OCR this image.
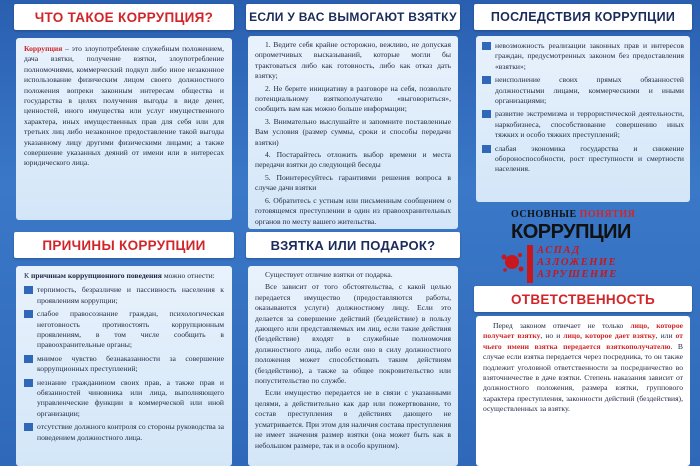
ЧТО ТАКОЕ КОРРУПЦИЯ?

Коррупция – это злоупотребление служебным положением, дача взятки, получение взятки, злоупотребление полномочиями, коммерческий подкуп либо иное незаконное использование физическим лицом своего должностного положения вопреки законным интересам общества и государства в целях получения выгоды в виде денег, ценностей, иного имущества или услуг имущественного характера, иных имущественных прав для себя или для третьих лиц либо незаконное предоставление такой выгоды указанному лицу другими физическими лицами; а также совершение указанных деяний от имени или в интересах юридического лица.

ПРИЧИНЫ КОРРУПЦИИ

К причинам коррупционного поведения можно отнести:

терпимость, безразличие и пассивность населения к проявлениям коррупции;
слабое правосознание граждан, психологическая неготовность противостоять коррупционным проявлениям, в том числе сообщить в правоохранительные органы;
мнимое чувство безнаказанности за совершение коррупционных преступлений;
незнание гражданином своих прав, а также прав и обязанностей чиновника или лица, выполняющего управленческие функции в коммерческой или иной организации;
отсутствие должного контроля со стороны руководства за поведением должностного лица.
ЕСЛИ У ВАС ВЫМОГАЮТ ВЗЯТКУ

1. Ведите себя крайне осторожно, вежливо, не допуская опрометчивых высказываний, которые могли бы трактоваться либо как готовность, либо как отказ дать взятку;

2. Не берите инициативу в разговоре на себя, позвольте потенциальному взяткополучателю «выговориться», сообщить вам как можно больше информации;

3. Внимательно выслушайте и запомните поставленные Вам условия (размер суммы, сроки и способы передачи взятки)

4. Постарайтесь отложить выбор времени и места передачи взятки до следующей беседы

5. Поинтересуйтесь гарантиями решения вопроса в случае дачи взятки

6. Обратитесь с устным или письменным сообщением о готовящемся преступлении в один из правоохранительных органов по месту вашего жительства.

ВЗЯТКА ИЛИ ПОДАРОК?

Существует отличие взятки от подарка.

Все зависит от того обстоятельства, с какой целью передается имущество (предоставляются работы, оказываются услуги) должностному лицу. Если это делается за совершение действий (бездействие) в пользу дающего или представляемых им лиц, если такие действия (бездействие) входят в служебные полномочия должностного лица, либо если оно в силу должностного положения может способствовать таким действиям (бездействию), а также за общее покровительство или попустительство по службе.

Если имущество передается не в связи с указанными целями, а действительно как дар или пожертвование, то состав преступления в действиях дающего не усматривается. При этом для наличия состава преступления не имеет значения размер взятки (она может быть как в небольшом размере, так и в особо крупном).

ПОСЛЕДСТВИЯ КОРРУПЦИИ
невозможность реализации законных прав и интересов граждан, предусмотренных законом без предоставления «взятки»;
неисполнение своих прямых обязанностей должностными лицами, коммерческими и иными организациями;
развитие экстремизма и террористической деятельности, наркобизнеса, способствование совершению иных тяжких и особо тяжких преступлений;
слабая экономика государства и снижение обороноспособности, рост преступности и смертности населения.
ОСНОВНЫЕ ПОНЯТИЯ
КОРРУПЦИИ
АСПАД
АЗЛОЖЕНИЕ
АЗРУШЕНИЕ
ОТВЕТСТВЕННОСТЬ

Перед законом отвечает не только лицо, которое получает взятку, но и лицо, которое дает взятку, или от чьего имени взятка передается взяткополучателю. В случае если взятка передается через посредника, то он также подлежит уголовной ответственности за посредничество во взяточничестве в даче взятки. Степень наказания зависит от должностного положения, размера взятки, группового характера преступления, законности действий (бездействия), осуществленных за взятку.
